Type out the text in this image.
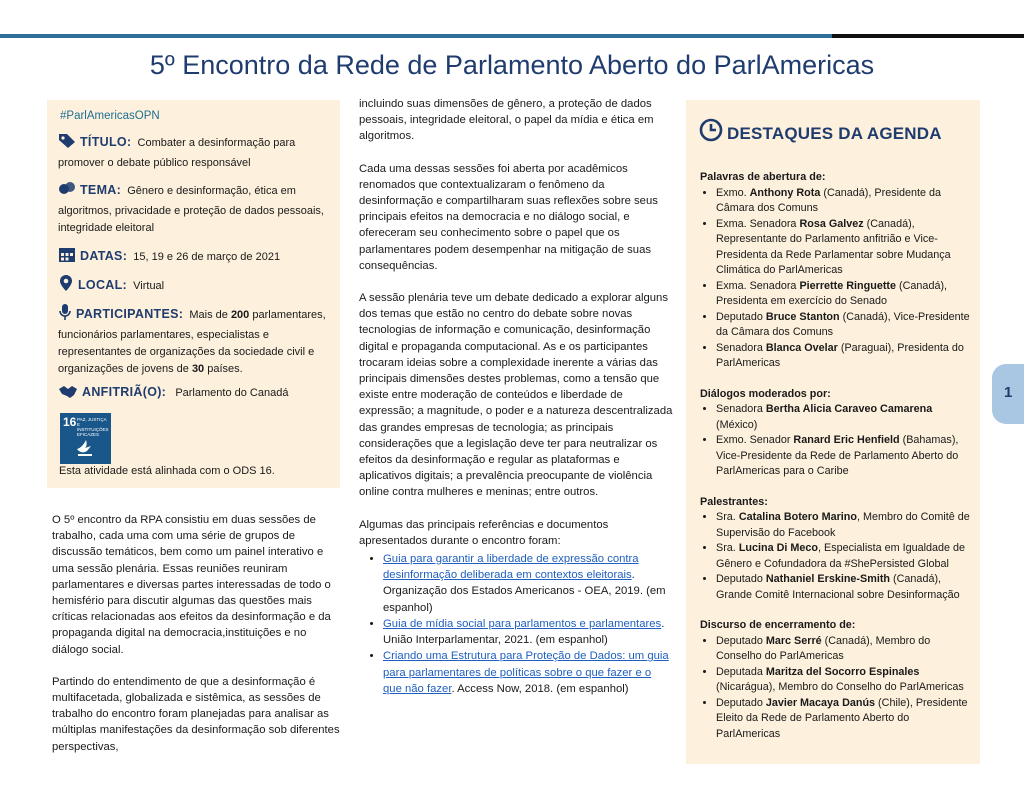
5º Encontro da Rede de Parlamento Aberto do ParlAmericas
#ParlAmericasOPN
TÍTULO: Combater a desinformação para promover o debate público responsável
TEMA: Gênero e desinformação, ética em algoritmos, privacidade e proteção de dados pessoais, integridade eleitoral
DATAS: 15, 19 e 26 de março de 2021
LOCAL: Virtual
PARTICIPANTES: Mais de 200 parlamentares, funcionários parlamentares, especialistas e representantes de organizações da sociedade civil e organizações de jovens de 30 países.
ANFITRIÃ(O): Parlamento do Canadá
16 PAZ, JUSTIÇA E INSTITUIÇÕES EFICAZES
Esta atividade está alinhada com o ODS 16.

O 5º encontro da RPA consistiu em duas sessões de trabalho, cada uma com uma série de grupos de discussão temáticos, bem como um painel interativo e uma sessão plenária. Essas reuniões reuniram parlamentares e diversas partes interessadas de todo o hemisfério para discutir algumas das questões mais críticas relacionadas aos efeitos da desinformação e da propaganda digital na democracia,instituições e no diálogo social.

Partindo do entendimento de que a desinformação é multifacetada, globalizada e sistêmica, as sessões de trabalho do encontro foram planejadas para analisar as múltiplas manifestações da desinformação sob diferentes perspectivas,

incluindo suas dimensões de gênero, a proteção de dados pessoais, integridade eleitoral, o papel da mídia e ética em algoritmos.

Cada uma dessas sessões foi aberta por acadêmicos renomados que contextualizaram o fenômeno da desinformação e compartilharam suas reflexões sobre seus principais efeitos na democracia e no diálogo social, e ofereceram seu conhecimento sobre o papel que os parlamentares podem desempenhar na mitigação de suas consequências.

A sessão plenária teve um debate dedicado a explorar alguns dos temas que estão no centro do debate sobre novas tecnologias de informação e comunicação, desinformação digital e propaganda computacional. As e os participantes trocaram ideias sobre a complexidade inerente a várias das principais dimensões destes problemas, como a tensão que existe entre moderação de conteúdos e liberdade de expressão; a magnitude, o poder e a natureza descentralizada das grandes empresas de tecnologia; as principais considerações que a legislação deve ter para neutralizar os efeitos da desinformação e regular as plataformas e aplicativos digitais; a prevalência preocupante de violência online contra mulheres e meninas; entre outros.

Algumas das principais referências e documentos apresentados durante o encontro foram:

• Guia para garantir a liberdade de expressão contra desinformação deliberada em contextos eleitorais. Organização dos Estados Americanos - OEA, 2019. (em espanhol)
• Guia de mídia social para parlamentos e parlamentares. União Interparlamentar, 2021. (em espanhol)
• Criando uma Estrutura para Proteção de Dados: um guia para parlamentares de políticas sobre o que fazer e o que não fazer. Access Now, 2018. (em espanhol)
DESTAQUES DA AGENDA
Palavras de abertura de:
• Exmo. Anthony Rota (Canadá), Presidente da Câmara dos Comuns
• Exma. Senadora Rosa Galvez (Canadá), Representante do Parlamento anfitrião e Vice-Presidenta da Rede Parlamentar sobre Mudança Climática do ParlAmericas
• Exma. Senadora Pierrette Ringuette (Canadá), Presidenta em exercício do Senado
• Deputado Bruce Stanton (Canadá), Vice-Presidente da Câmara dos Comuns
• Senadora Blanca Ovelar (Paraguai), Presidenta do ParlAmericas
Diálogos moderados por:
• Senadora Bertha Alicia Caraveo Camarena (México)
• Exmo. Senador Ranard Eric Henfield (Bahamas), Vice-Presidente da Rede de Parlamento Aberto do ParlAmericas para o Caribe
Palestrantes:
• Sra. Catalina Botero Marino, Membro do Comitê de Supervisão do Facebook
• Sra. Lucina Di Meco, Especialista em Igualdade de Gênero e Cofundadora da #ShePersisted Global
• Deputado Nathaniel Erskine-Smith (Canadá), Grande Comitê Internacional sobre Desinformação
Discurso de encerramento de:
• Deputado Marc Serré (Canadá), Membro do Conselho do ParlAmericas
• Deputada Maritza del Socorro Espinales (Nicarágua), Membro do Conselho do ParlAmericas
• Deputado Javier Macaya Danús (Chile), Presidente Eleito da Rede de Parlamento Aberto do ParlAmericas
1
